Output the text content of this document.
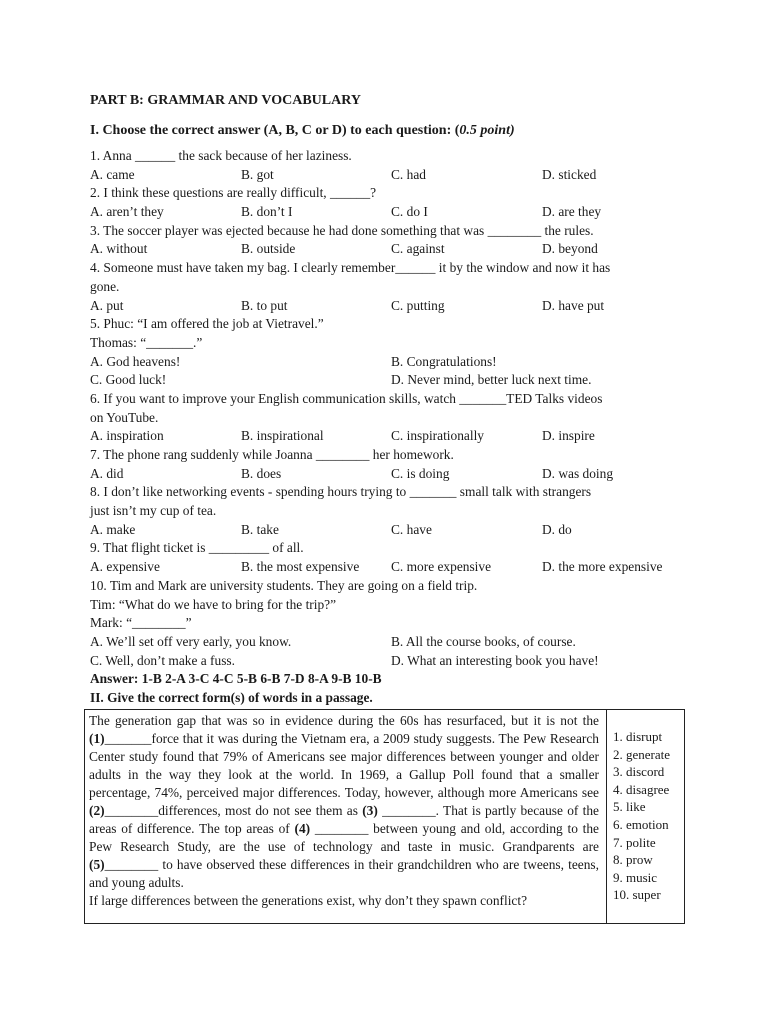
PART B: GRAMMAR AND VOCABULARY
I. Choose the correct answer (A, B, C or D) to each question: (0.5 point)
1. Anna ______ the sack because of her laziness.
A. came	B. got	C. had	D. sticked
2. I think these questions are really difficult, ______?
A. aren’t they	B. don’t I	C. do I	D. are they
3. The soccer player was ejected because he had done something that was ________ the rules.
A. without	B. outside	C. against	D. beyond
4. Someone must have taken my bag. I clearly remember______ it by the window and now it has
gone.
A. put	B. to put	C. putting	D. have put
5. Phuc: “I am offered the job at Vietravel.”
Thomas: “_______.”
A. God heavens!	B. Congratulations!
C. Good luck!	D. Never mind, better luck next time.
6. If you want to improve your English communication skills, watch _______TED Talks videos
on YouTube.
A. inspiration	B. inspirational	C. inspirationally	D. inspire
7. The phone rang suddenly while Joanna ________ her homework.
A. did	B. does	C. is doing	D. was doing
8. I don’t like networking events - spending hours trying to _______ small talk with strangers
just isn’t my cup of tea.
A. make	B. take	C. have	D. do
9. That flight ticket is _________ of all.
A. expensive	B. the most expensive C. more expensive	D. the more expensive
10. Tim and Mark are university students. They are going on a field trip.
Tim: “What do we have to bring for the trip?”
Mark: “________”
A. We’ll set off very early, you know.	B. All the course books, of course.
C. Well, don’t make a fuss.	D. What an interesting book you have!
Answer: 1-B 2-A 3-C 4-C 5-B 6-B 7-D 8-A 9-B 10-B
II. Give the correct form(s) of words in a passage.
The generation gap that was so in evidence during the 60s has resurfaced, but it is not the (1)_______force that it was during the Vietnam era, a 2009 study suggests. The Pew Research Center study found that 79% of Americans see major differences between younger and older adults in the way they look at the world. In 1969, a Gallup Poll found that a smaller percentage, 74%, perceived major differences. Today, however, although more Americans see (2)________differences, most do not see them as (3) ________. That is partly because of the areas of difference. The top areas of (4) ________ between young and old, according to the Pew Research Study, are the use of technology and taste in music. Grandparents are (5)________ to have observed these differences in their grandchildren who are tweens, teens, and young adults.
If large differences between the generations exist, why don’t they spawn conflict?
1. disrupt
2. generate
3. discord
4. disagree
5. like
6. emotion
7. polite
8. prow
9. music
10. super
